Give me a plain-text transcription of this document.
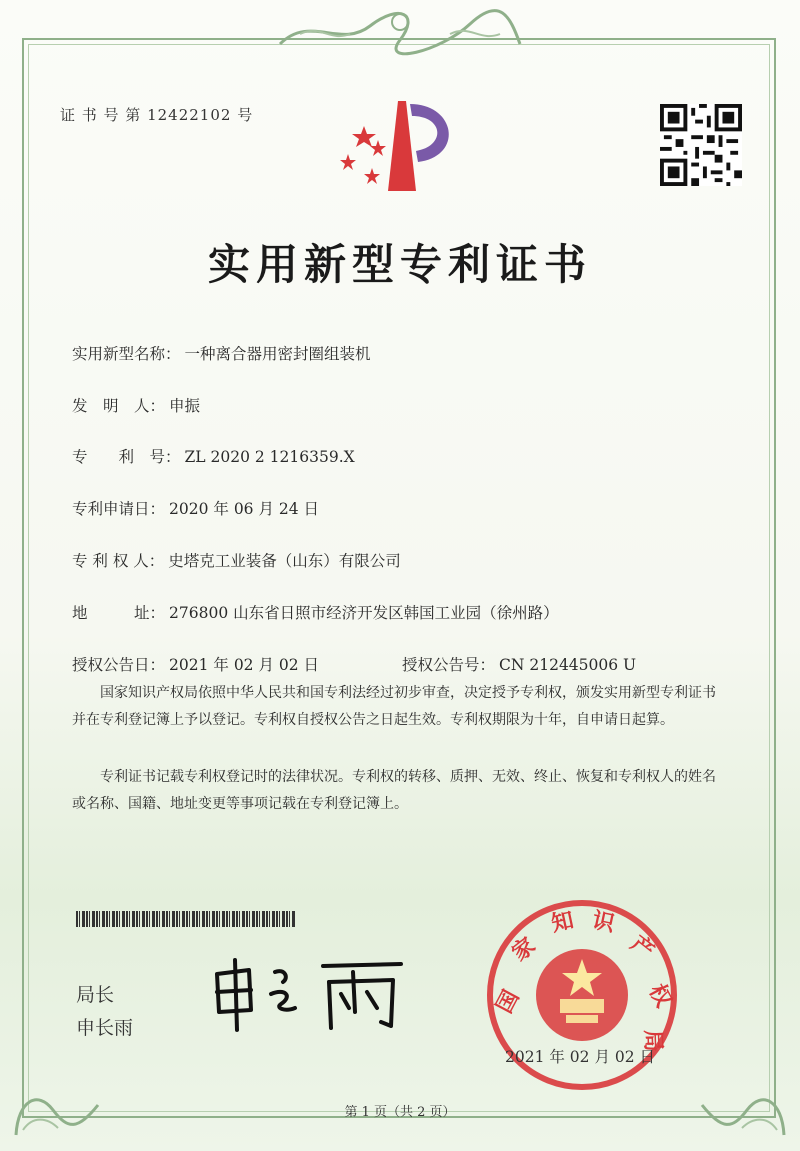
证 书 号 第 12422102 号
实用新型专利证书
实用新型名称： 一种离合器用密封圈组装机
发　明　人： 申振
专　　利　号： ZL 2020 2 1216359.X
专利申请日： 2020 年 06 月 24 日
专 利 权 人： 史塔克工业装备（山东）有限公司
地　　　址： 276800 山东省日照市经济开发区韩国工业园（徐州路）
授权公告日： 2021 年 02 月 02 日	授权公告号： CN 212445006 U

国家知识产权局依照中华人民共和国专利法经过初步审查，决定授予专利权，颁发实用新型专利证书并在专利登记簿上予以登记。专利权自授权公告之日起生效。专利权期限为十年，自申请日起算。

专利证书记载专利权登记时的法律状况。专利权的转移、质押、无效、终止、恢复和专利权人的姓名或名称、国籍、地址变更等事项记载在专利登记簿上。

局长
申长雨
国
家
知 识
产
权
局
2021 年 02 月 02 日
第 1 页（共 2 页）
